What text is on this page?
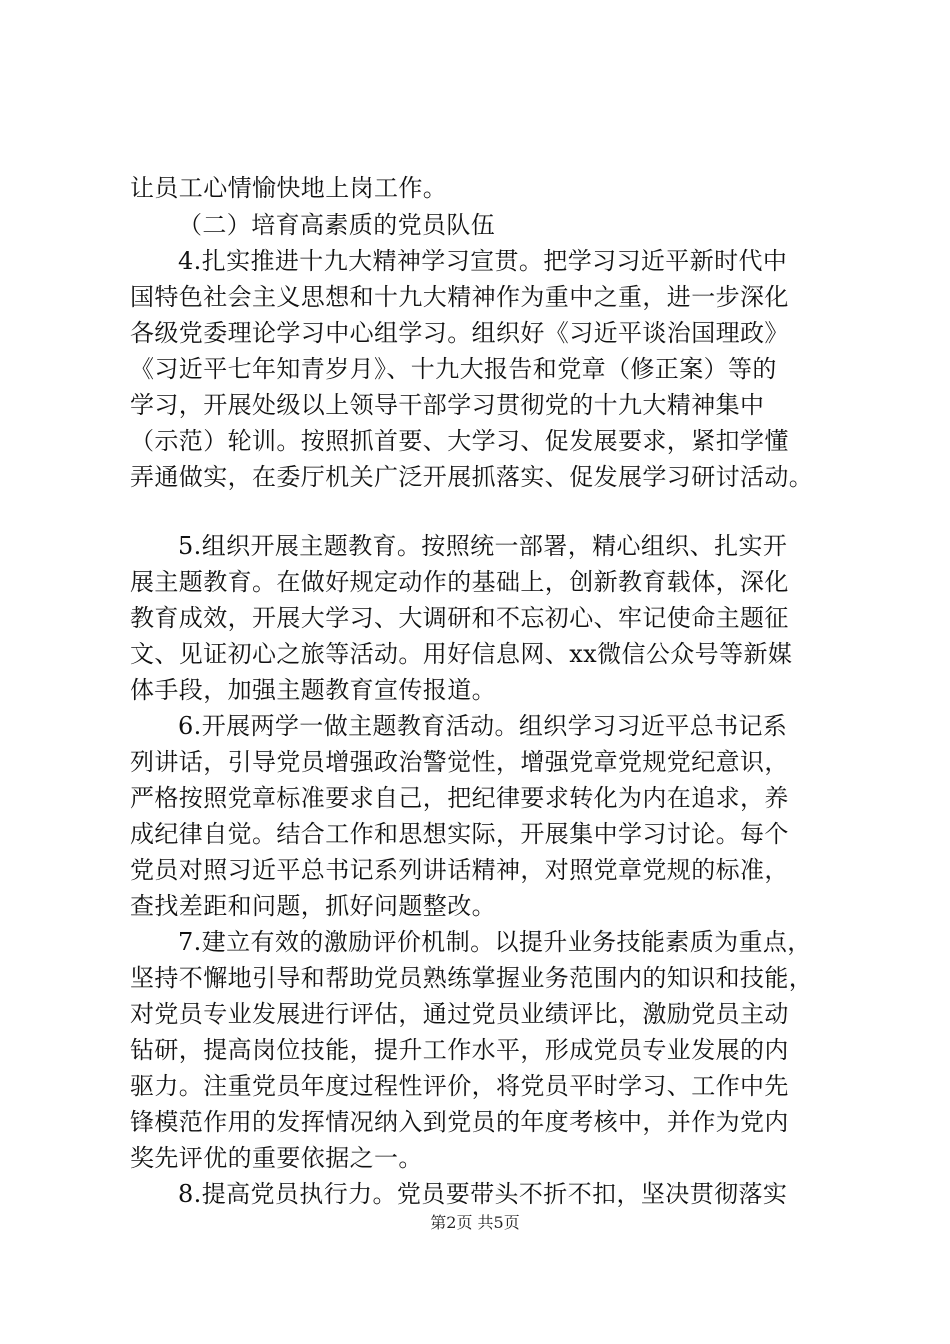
让员工心情愉快地上岗工作。
（二）培育高素质的党员队伍
4.扎实推进十九大精神学习宣贯。把学习习近平新时代中
国特色社会主义思想和十九大精神作为重中之重，进一步深化
各级党委理论学习中心组学习。组织好《习近平谈治国理政》
《习近平七年知青岁月》、十九大报告和党章（修正案）等的
学习，开展处级以上领导干部学习贯彻党的十九大精神集中
（示范）轮训。按照抓首要、大学习、促发展要求，紧扣学懂
弄通做实，在委厅机关广泛开展抓落实、促发展学习研讨活动。
5.组织开展主题教育。按照统一部署，精心组织、扎实开
展主题教育。在做好规定动作的基础上，创新教育载体，深化
教育成效，开展大学习、大调研和不忘初心、牢记使命主题征
文、见证初心之旅等活动。用好信息网、xx微信公众号等新媒
体手段，加强主题教育宣传报道。
6.开展两学一做主题教育活动。组织学习习近平总书记系
列讲话，引导党员增强政治警觉性，增强党章党规党纪意识，
严格按照党章标准要求自己，把纪律要求转化为内在追求，养
成纪律自觉。结合工作和思想实际，开展集中学习讨论。每个
党员对照习近平总书记系列讲话精神，对照党章党规的标准，
查找差距和问题，抓好问题整改。
7.建立有效的激励评价机制。以提升业务技能素质为重点，
坚持不懈地引导和帮助党员熟练掌握业务范围内的知识和技能，
对党员专业发展进行评估，通过党员业绩评比，激励党员主动
钻研，提高岗位技能，提升工作水平，形成党员专业发展的内
驱力。注重党员年度过程性评价，将党员平时学习、工作中先
锋模范作用的发挥情况纳入到党员的年度考核中，并作为党内
奖先评优的重要依据之一。
8.提高党员执行力。党员要带头不折不扣，坚决贯彻落实
第2页 共5页
